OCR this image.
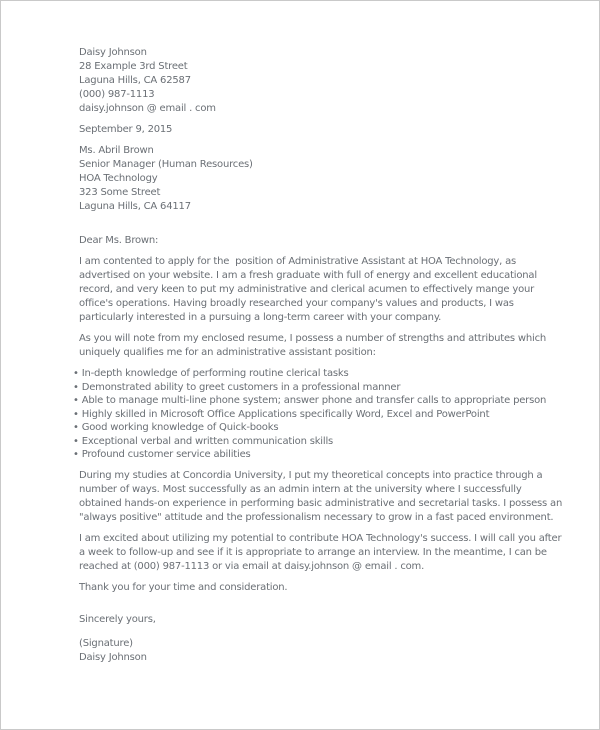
Daisy Johnson
28 Example 3rd Street
Laguna Hills, CA 62587
(000) 987-1113
daisy.johnson @ email . com
September 9, 2015
Ms. Abril Brown
Senior Manager (Human Resources)
HOA Technology
323 Some Street
Laguna Hills, CA 64117
Dear Ms. Brown:

I am contented to apply for the  position of Administrative Assistant at HOA Technology, as advertised on your website. I am a fresh graduate with full of energy and excellent educational record, and very keen to put my administrative and clerical acumen to effectively mange your office's operations. Having broadly researched your company's values and products, I was particularly interested in a pursuing a long-term career with your company.

As you will note from my enclosed resume, I possess a number of strengths and attributes which uniquely qualifies me for an administrative assistant position:

• In-depth knowledge of performing routine clerical tasks
• Demonstrated ability to greet customers in a professional manner
• Able to manage multi-line phone system; answer phone and transfer calls to appropriate person
• Highly skilled in Microsoft Office Applications specifically Word, Excel and PowerPoint
• Good working knowledge of Quick-books
• Exceptional verbal and written communication skills
• Profound customer service abilities

During my studies at Concordia University, I put my theoretical concepts into practice through a number of ways. Most successfully as an admin intern at the university where I successfully obtained hands-on experience in performing basic administrative and secretarial tasks. I possess an "always positive" attitude and the professionalism necessary to grow in a fast paced environment.

I am excited about utilizing my potential to contribute HOA Technology's success. I will call you after a week to follow-up and see if it is appropriate to arrange an interview. In the meantime, I can be reached at (000) 987-1113 or via email at daisy.johnson @ email . com.

Thank you for your time and consideration.

Sincerely yours,
(Signature)
Daisy Johnson
